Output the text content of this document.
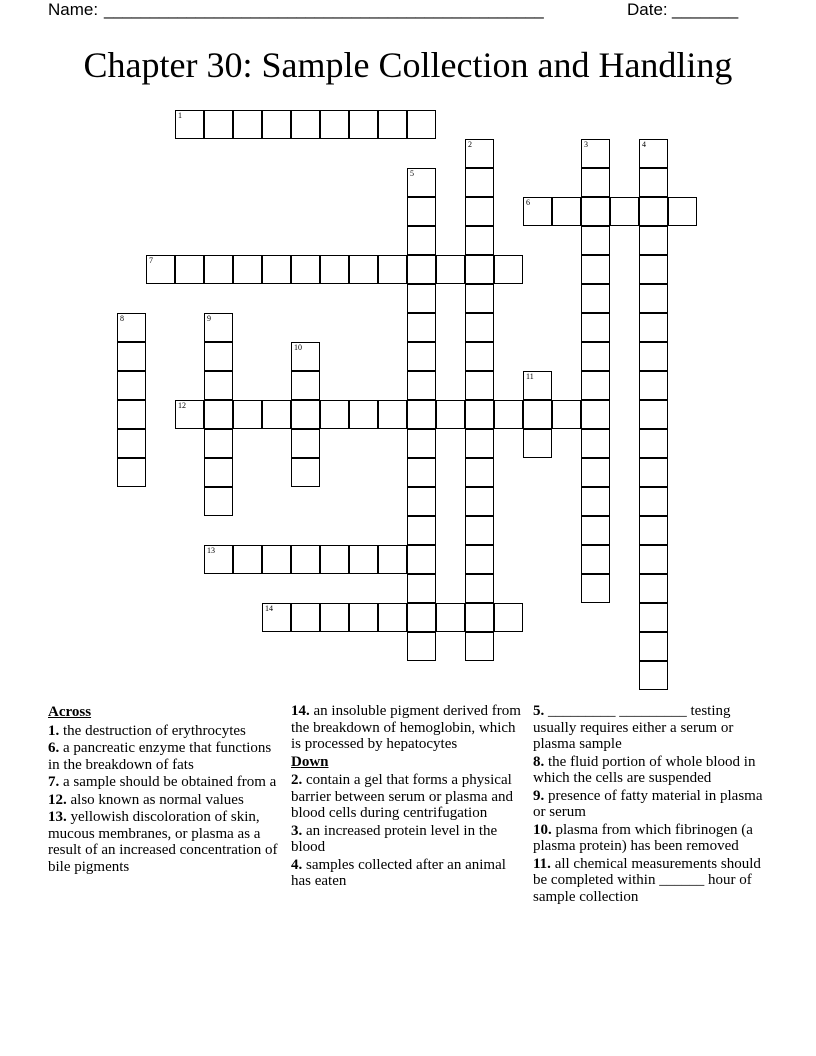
Name: ________________________________________________	Date: _______
Chapter 30: Sample Collection and Handling
1
2	3	4
5
6
7
8	9
10
11
12
13
14
Across
1. the destruction of erythrocytes
6. a pancreatic enzyme that functions in the breakdown of fats
7. a sample should be obtained from a
12. also known as normal values
13. yellowish discoloration of skin, mucous membranes, or plasma as a result of an increased concentration of bile pigments
14. an insoluble pigment derived from the breakdown of hemoglobin, which is processed by hepatocytes
Down
2. contain a gel that forms a physical barrier between serum or plasma and blood cells during centrifugation
3. an increased protein level in the blood
4. samples collected after an animal has eaten
5. _________ _________ testing usually requires either a serum or plasma sample
8. the fluid portion of whole blood in which the cells are suspended
9. presence of fatty material in plasma or serum
10. plasma from which fibrinogen (a plasma protein) has been removed
11. all chemical measurements should be completed within ______ hour of sample collection
